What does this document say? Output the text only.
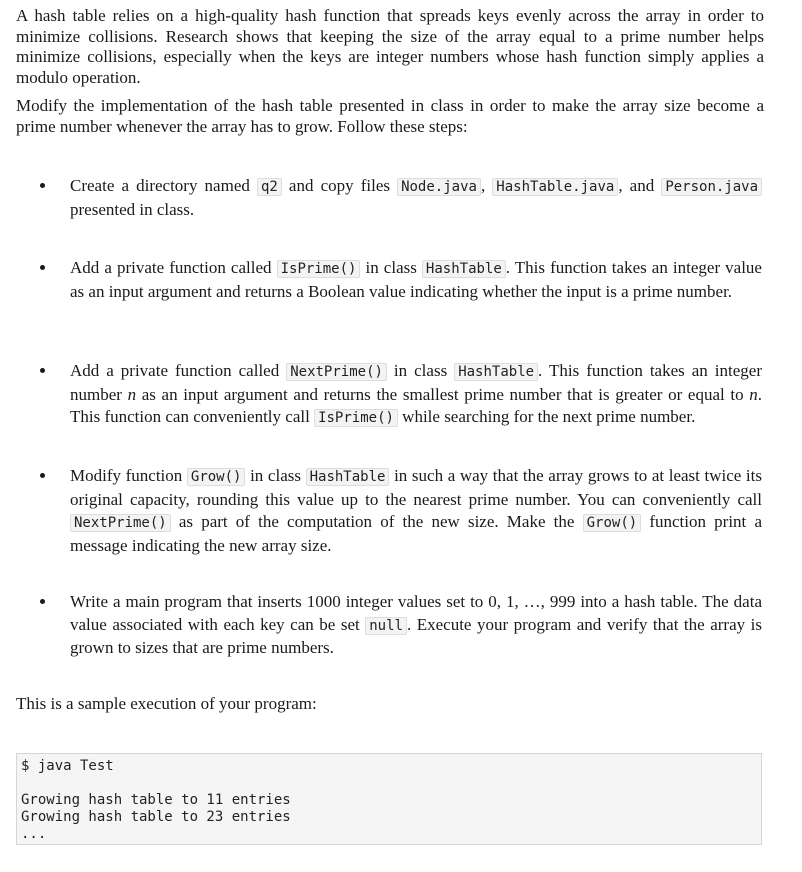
A hash table relies on a high-quality hash function that spreads keys evenly across the array in order to minimize collisions. Research shows that keeping the size of the array equal to a prime number helps minimize collisions, especially when the keys are integer numbers whose hash function simply applies a modulo operation.

Modify the implementation of the hash table presented in class in order to make the array size become a prime number whenever the array has to grow. Follow these steps:

Create a directory named q2 and copy files Node.java , HashTable.java , and Person.java presented in class.
Add a private function called IsPrime() in class HashTable . This function takes an integer value as an input argument and returns a Boolean value indicating whether the input is a prime number.
Add a private function called NextPrime() in class HashTable . This function takes an integer number n as an input argument and returns the smallest prime number that is greater or equal to n. This function can conveniently call IsPrime() while searching for the next prime number.
Modify function Grow() in class HashTable in such a way that the array grows to at least twice its original capacity, rounding this value up to the nearest prime number. You can conveniently call NextPrime() as part of the computation of the new size. Make the Grow() function print a message indicating the new array size.
Write a main program that inserts 1000 integer values set to 0, 1, …, 999 into a hash table. The data value associated with each key can be set null . Execute your program and verify that the array is grown to sizes that are prime numbers.

This is a sample execution of your program:

$ java Test
Growing hash table to 11 entries
Growing hash table to 23 entries
...
